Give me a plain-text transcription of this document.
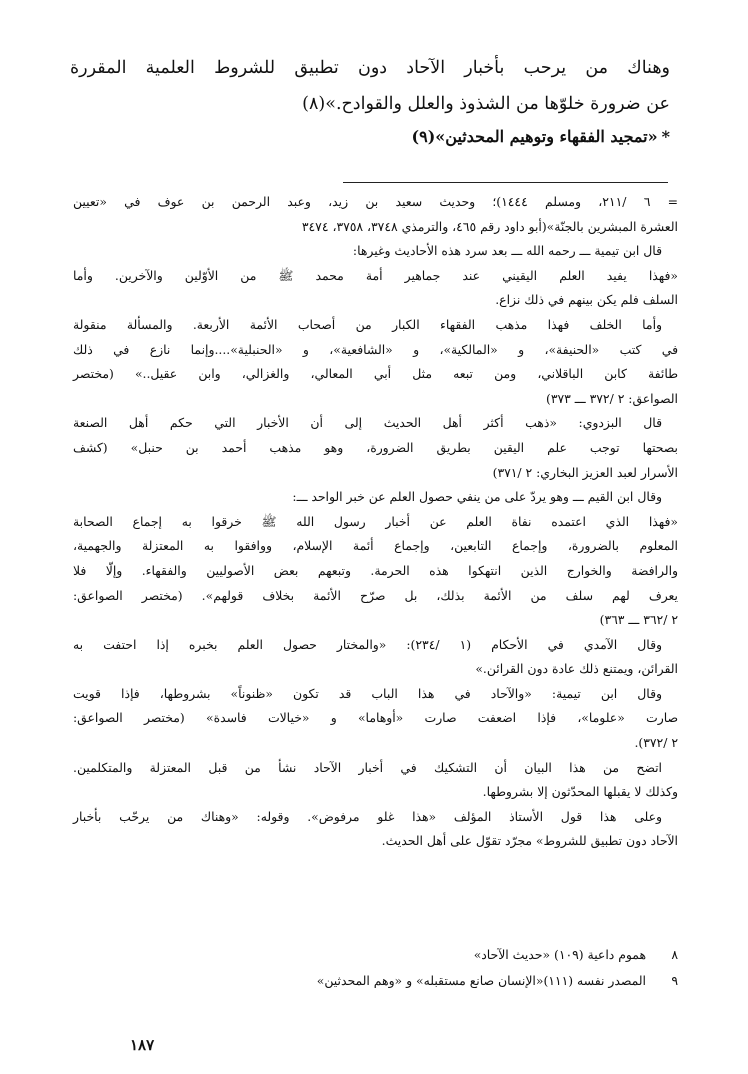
وهناك من يرحب بأخبار الآحاد دون تطبيق للشروط العلمية المقررة
عن ضرورة خلوّها من الشذوذ والعلل والقوادح.»(٨)
*«تمجيد الفقهاء وتوهيم المحدثين»(٩)

= ٦ /٢١١، ومسلم ١٤٤٤)؛ وحديث سعيد بن زيد، وعبد الرحمن بن عوف في «تعيين

العشرة المبشرين بالجنّة»(أبو داود رقم ٤٦٥، والترمذي ٣٧٤٨، ٣٧٥٨، ٣٤٧٤

قال ابن تيمية ـــ رحمه الله ـــ بعد سرد هذه الأحاديث وغيرها:

«فهذا يفيد العلم اليقيني عند جماهير أمة محمد ﷺ من الأوّلين والآخرين. وأما

السلف فلم يكن بينهم في ذلك نزاع.

وأما الخلف فهذا مذهب الفقهاء الكبار من أصحاب الأئمة الأربعة. والمسألة منقولة

في كتب «الحنيفة»، و «المالكية»، و «الشافعية»، و «الحنبلية»....وإنما نازع في ذلك

طائفة كابن الباقلاني، ومن تبعه مثل أبي المعالي، والغزالي، وابن عقيل..» (مختصر

الصواعق: ٢ /٣٧٢ ـــ ٣٧٣)

قال البزدوي: «ذهب أكثر أهل الحديث إلى أن الأخبار التي حكم أهل الصنعة

بصحتها توجب علم اليقين بطريق الضرورة، وهو مذهب أحمد بن حنبل» (كشف

الأسرار لعبد العزيز البخاري: ٢ /٣٧١)

وقال ابن القيم ـــ وهو يردّ على من ينفي حصول العلم عن خبر الواحد ـــ:

«فهذا الذي اعتمده نفاة العلم عن أخبار رسول الله ﷺ خرقوا به إجماع الصحابة

المعلوم بالضرورة، وإجماع التابعين، وإجماع أئمة الإسلام، ووافقوا به المعتزلة والجهمية،

والرافضة والخوارج الذين انتهكوا هذه الحرمة. وتبعهم بعض الأصوليين والفقهاء. وإلّا فلا

يعرف لهم سلف من الأئمة بذلك، بل صرّح الأئمة بخلاف قولهم». (مختصر الصواعق:

٢ /٣٦٢ ـــ ٣٦٣)

وقال الآمدي في الأحكام (١ /٢٣٤): «والمختار حصول العلم بخبره إذا احتفت به

القرائن، ويمتنع ذلك عادة دون القرائن.»

وقال ابن تيمية: «والآحاد في هذا الباب قد تكون «ظنوناً» بشروطها، فإذا قويت

صارت «علوما»، فإذا اضعفت صارت «أوهاما» و «خيالات فاسدة» (مختصر الصواعق:

٢ /٣٧٢).

اتضح من هذا البيان أن التشكيك في أخبار الآحاد نشأ من قبل المعتزلة والمتكلمين.

وكذلك لا يقبلها المحدّثون إلا بشروطها.

وعلى هذا قول الأستاذ المؤلف «هذا غلو مرفوض». وقوله: «وهناك من يرحّب بأخبار

الآحاد دون تطبيق للشروط» مجرّد تقوّل على أهل الحديث.

٨
هموم داعية (١٠٩) «حديث الآحاد»
٩
المصدر نفسه (١١١)«الإنسان صانع مستقبله» و «وهم المحدثين»
١٨٧
